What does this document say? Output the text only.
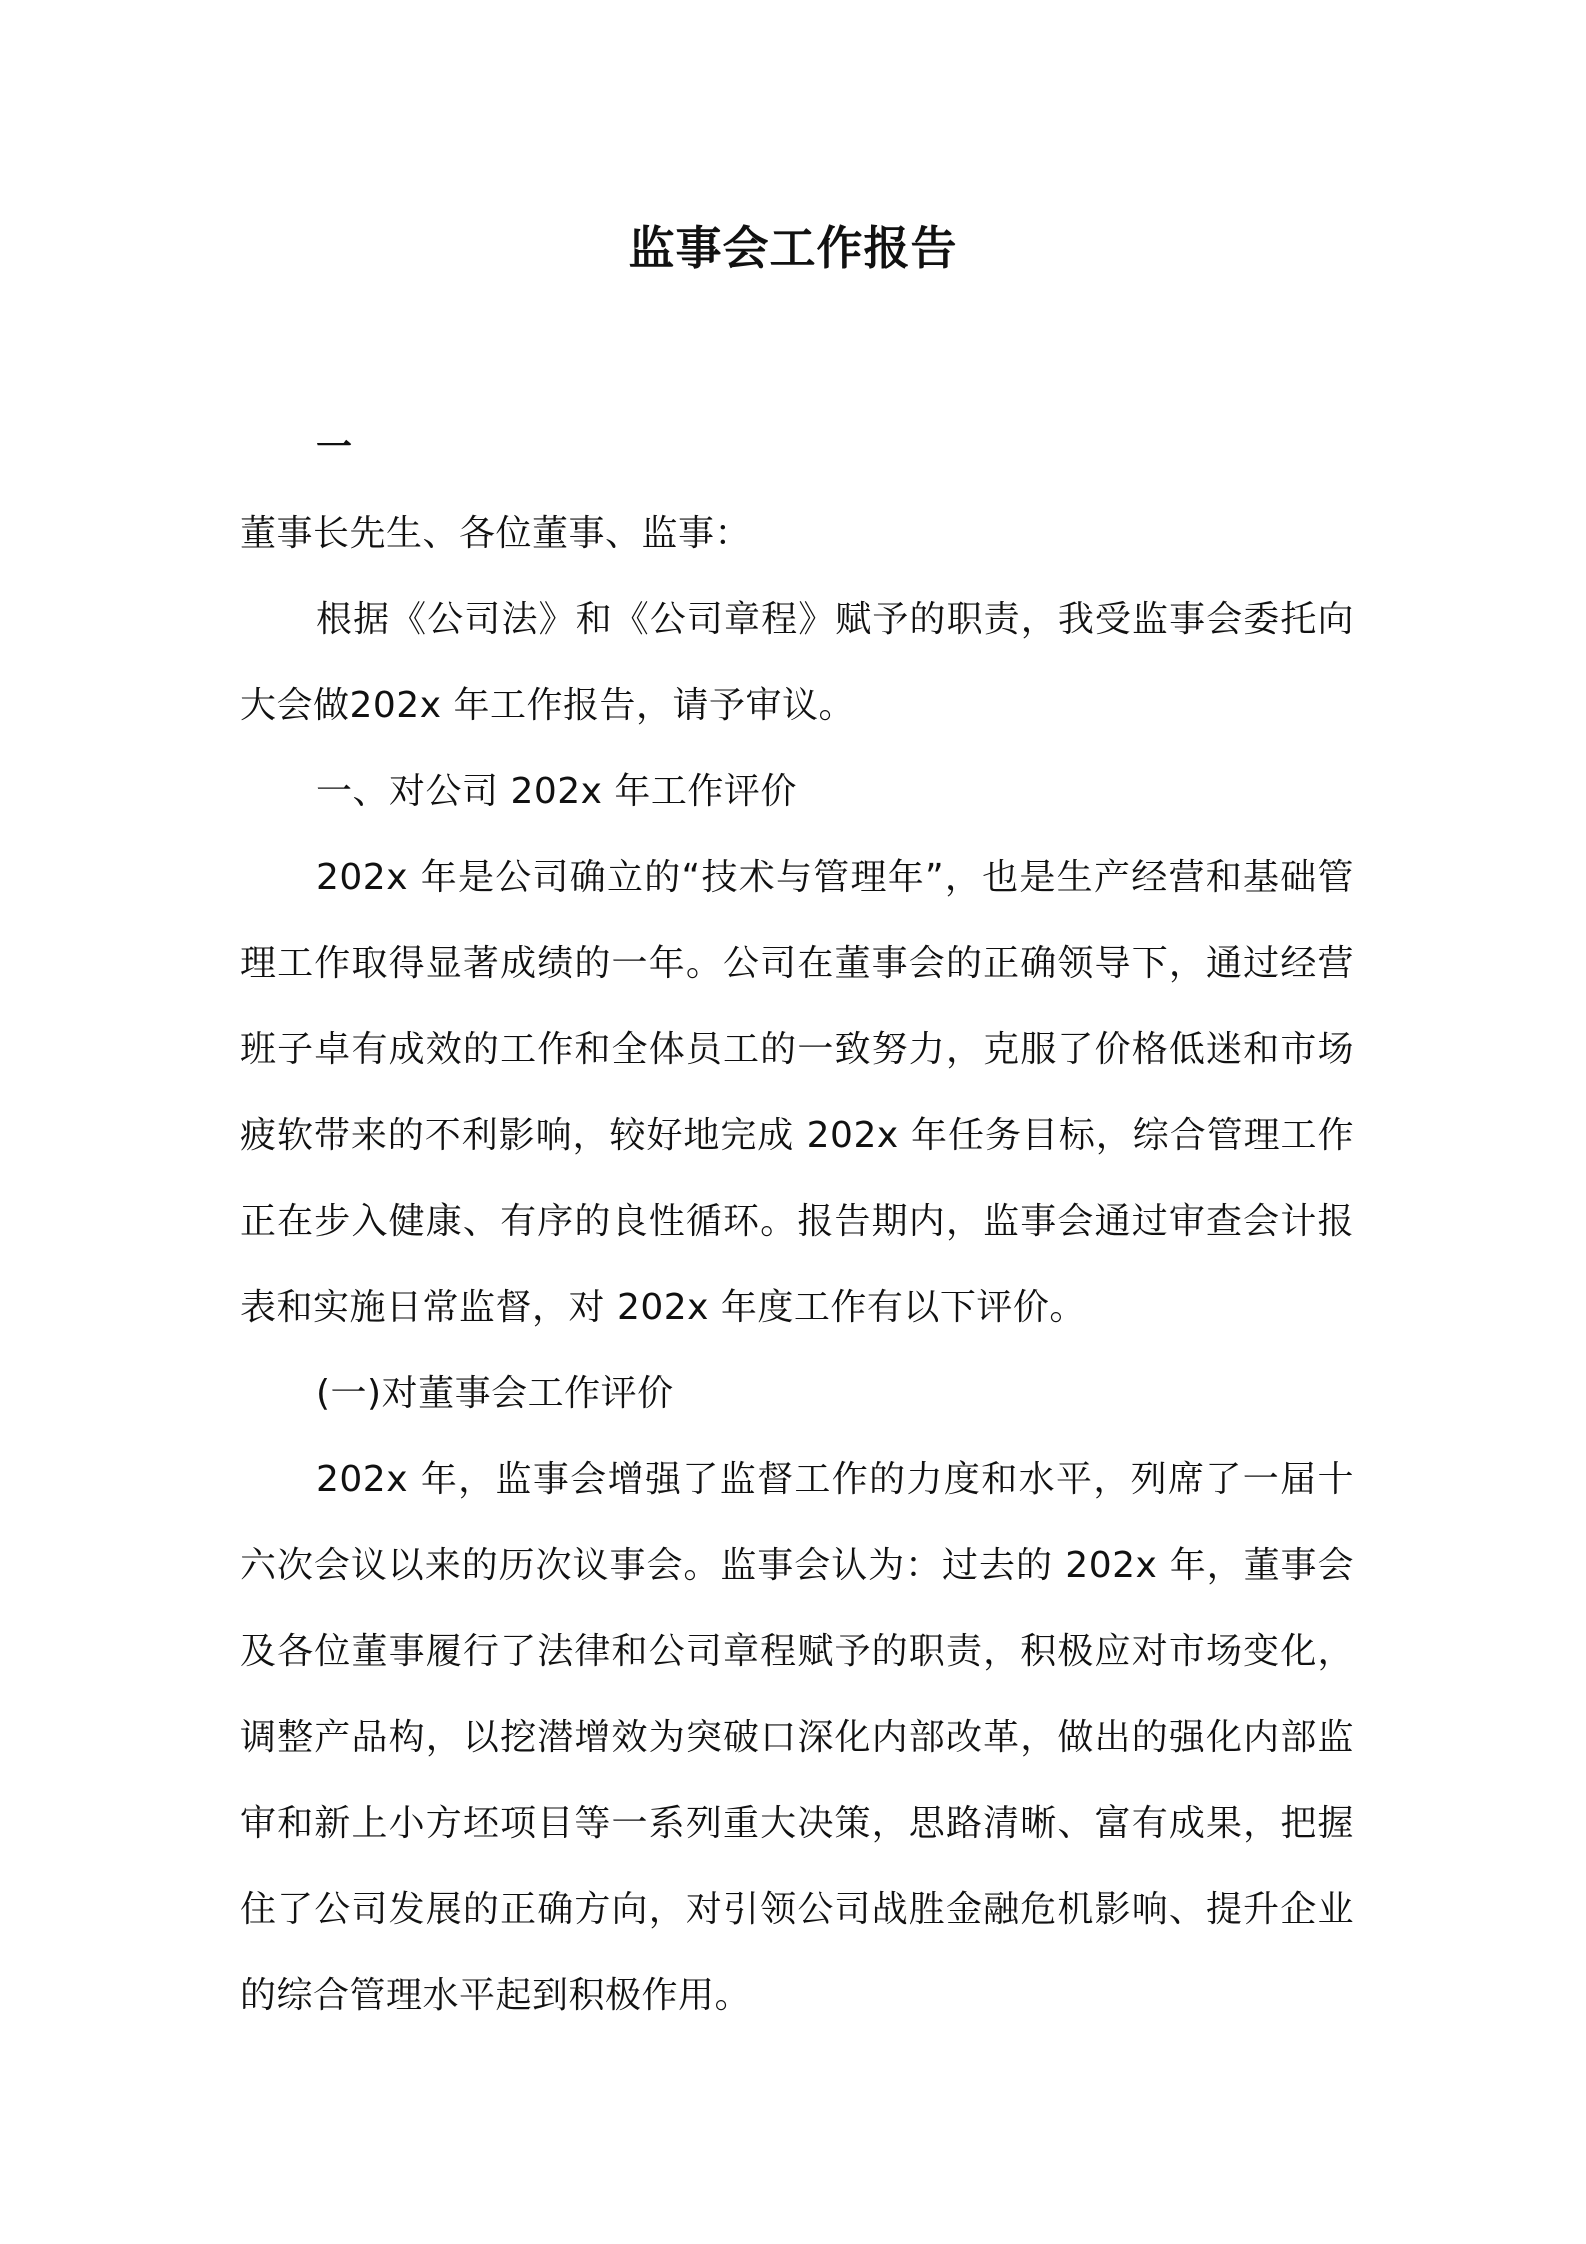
监事会工作报告
一

董事长先生、各位董事、监事：

根据《公司法》和《公司章程》赋予的职责，我受监事会委托向大会做202x 年工作报告，请予审议。

一、对公司 202x 年工作评价

202x 年是公司确立的“技术与管理年”，也是生产经营和基础管理工作取得显著成绩的一年。公司在董事会的正确领导下，通过经营班子卓有成效的工作和全体员工的一致努力，克服了价格低迷和市场疲软带来的不利影响，较好地完成 202x 年任务目标，综合管理工作正在步入健康、有序的良性循环。报告期内，监事会通过审查会计报表和实施日常监督，对 202x 年度工作有以下评价。

(一)对董事会工作评价

202x 年，监事会增强了监督工作的力度和水平，列席了一届十六次会议以来的历次议事会。监事会认为：过去的 202x 年，董事会及各位董事履行了法律和公司章程赋予的职责，积极应对市场变化，调整产品构，以挖潜增效为突破口深化内部改革，做出的强化内部监审和新上小方坯项目等一系列重大决策，思路清晰、富有成果，把握住了公司发展的正确方向，对引领公司战胜金融危机影响、提升企业的综合管理水平起到积极作用。
